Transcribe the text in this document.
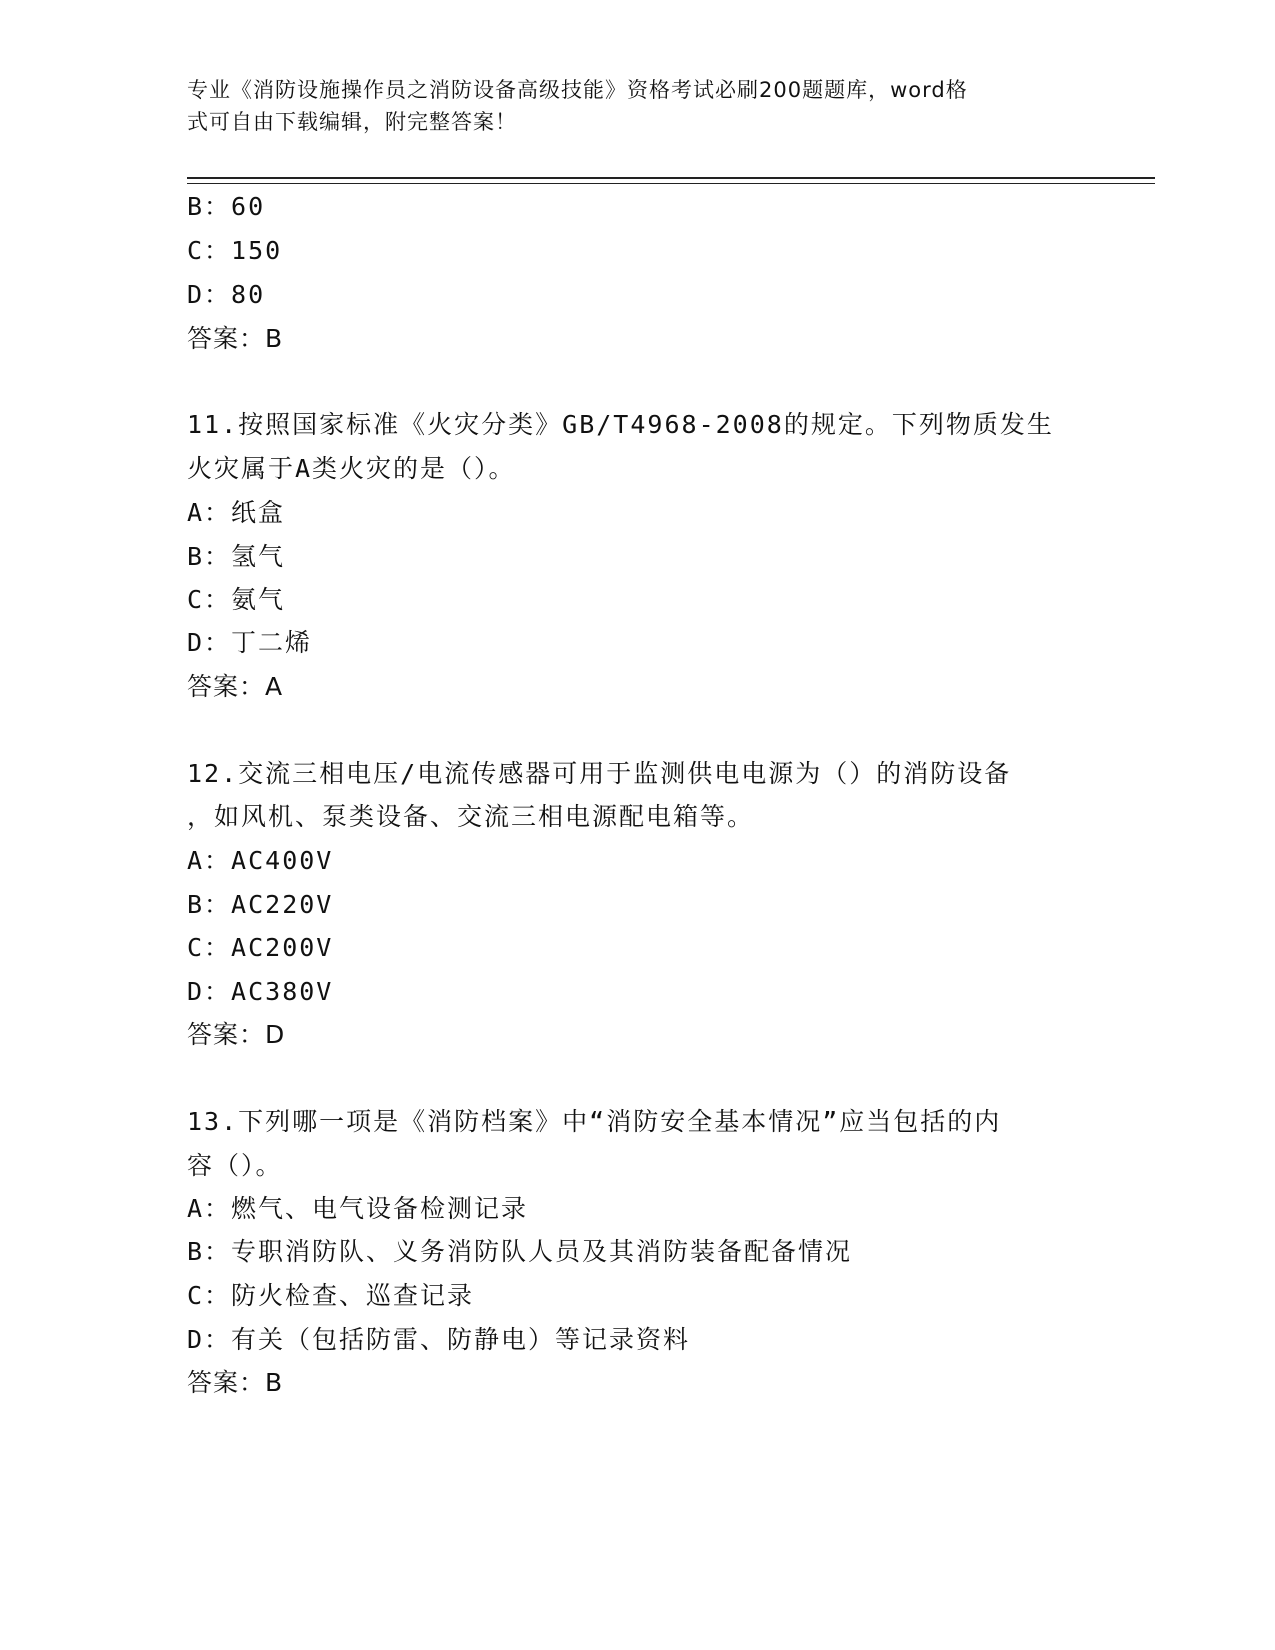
专业《消防设施操作员之消防设备高级技能》资格考试必刷200题题库，word格
式可自由下载编辑，附完整答案！
B：60
C：150
D：80
答案：B
11.按照国家标准《火灾分类》GB/T4968-2008的规定。下列物质发生
火灾属于A类火灾的是（）。
A：纸盒
B：氢气
C：氨气
D：丁二烯
答案：A
12.交流三相电压/电流传感器可用于监测供电电源为（）的消防设备
，如风机、泵类设备、交流三相电源配电箱等。
A：AC400V
B：AC220V
C：AC200V
D：AC380V
答案：D
13.下列哪一项是《消防档案》中“消防安全基本情况”应当包括的内
容（）。
A：燃气、电气设备检测记录
B：专职消防队、义务消防队人员及其消防装备配备情况
C：防火检查、巡查记录
D：有关（包括防雷、防静电）等记录资料
答案：B
